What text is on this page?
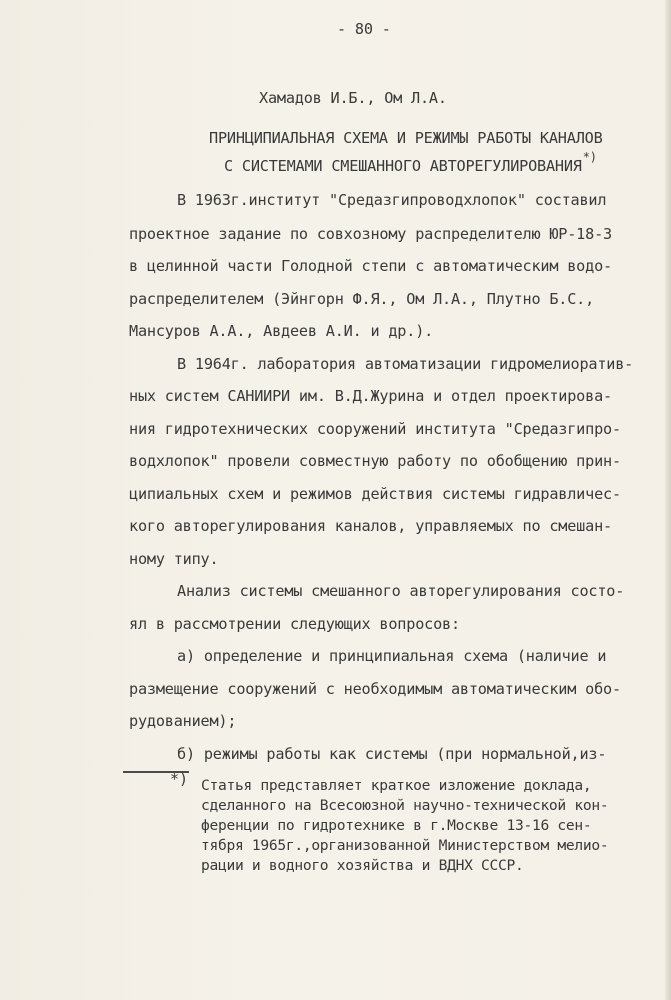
- 80 -
Хамадов И.Б., Ом Л.А.
ПРИНЦИПИАЛЬНАЯ СХЕМА И РЕЖИМЫ РАБОТЫ КАНАЛОВ
С СИСТЕМАМИ СМЕШАННОГО АВТОРЕГУЛИРОВАНИЯ*)
В 1963г.институт "Средазгипроводхлопок" составил
проектное задание по совхозному распределителю ЮР-18-3
в целинной части Голодной степи с автоматическим водо-
распределителем (Эйнгорн Ф.Я., Ом Л.А., Плутно Б.С.,
Мансуров А.А., Авдеев А.И. и др.).
В 1964г. лаборатория автоматизации гидромелиоратив-
ных систем САНИИРИ им. В.Д.Журина и отдел проектирова-
ния гидротехнических сооружений института "Средазгипро-
водхлопок" провели совместную работу по обобщению прин-
ципиальных схем и режимов действия системы гидравличес-
кого авторегулирования каналов, управляемых по смешан-
ному типу.
Анализ системы смешанного авторегулирования состо-
ял в рассмотрении следующих вопросов:
а) определение и принципиальная схема (наличие и
размещение сооружений с необходимым автоматическим обо-
рудованием);
б) режимы работы как системы (при нормальной,из-
*) Статья представляет краткое изложение доклада,
сделанного на Всесоюзной научно-технической кон-
ференции по гидротехнике в г.Москве 13-16 сен-
тября 1965г.,организованной Министерством мелио-
рации и водного хозяйства и ВДНХ СССР.
